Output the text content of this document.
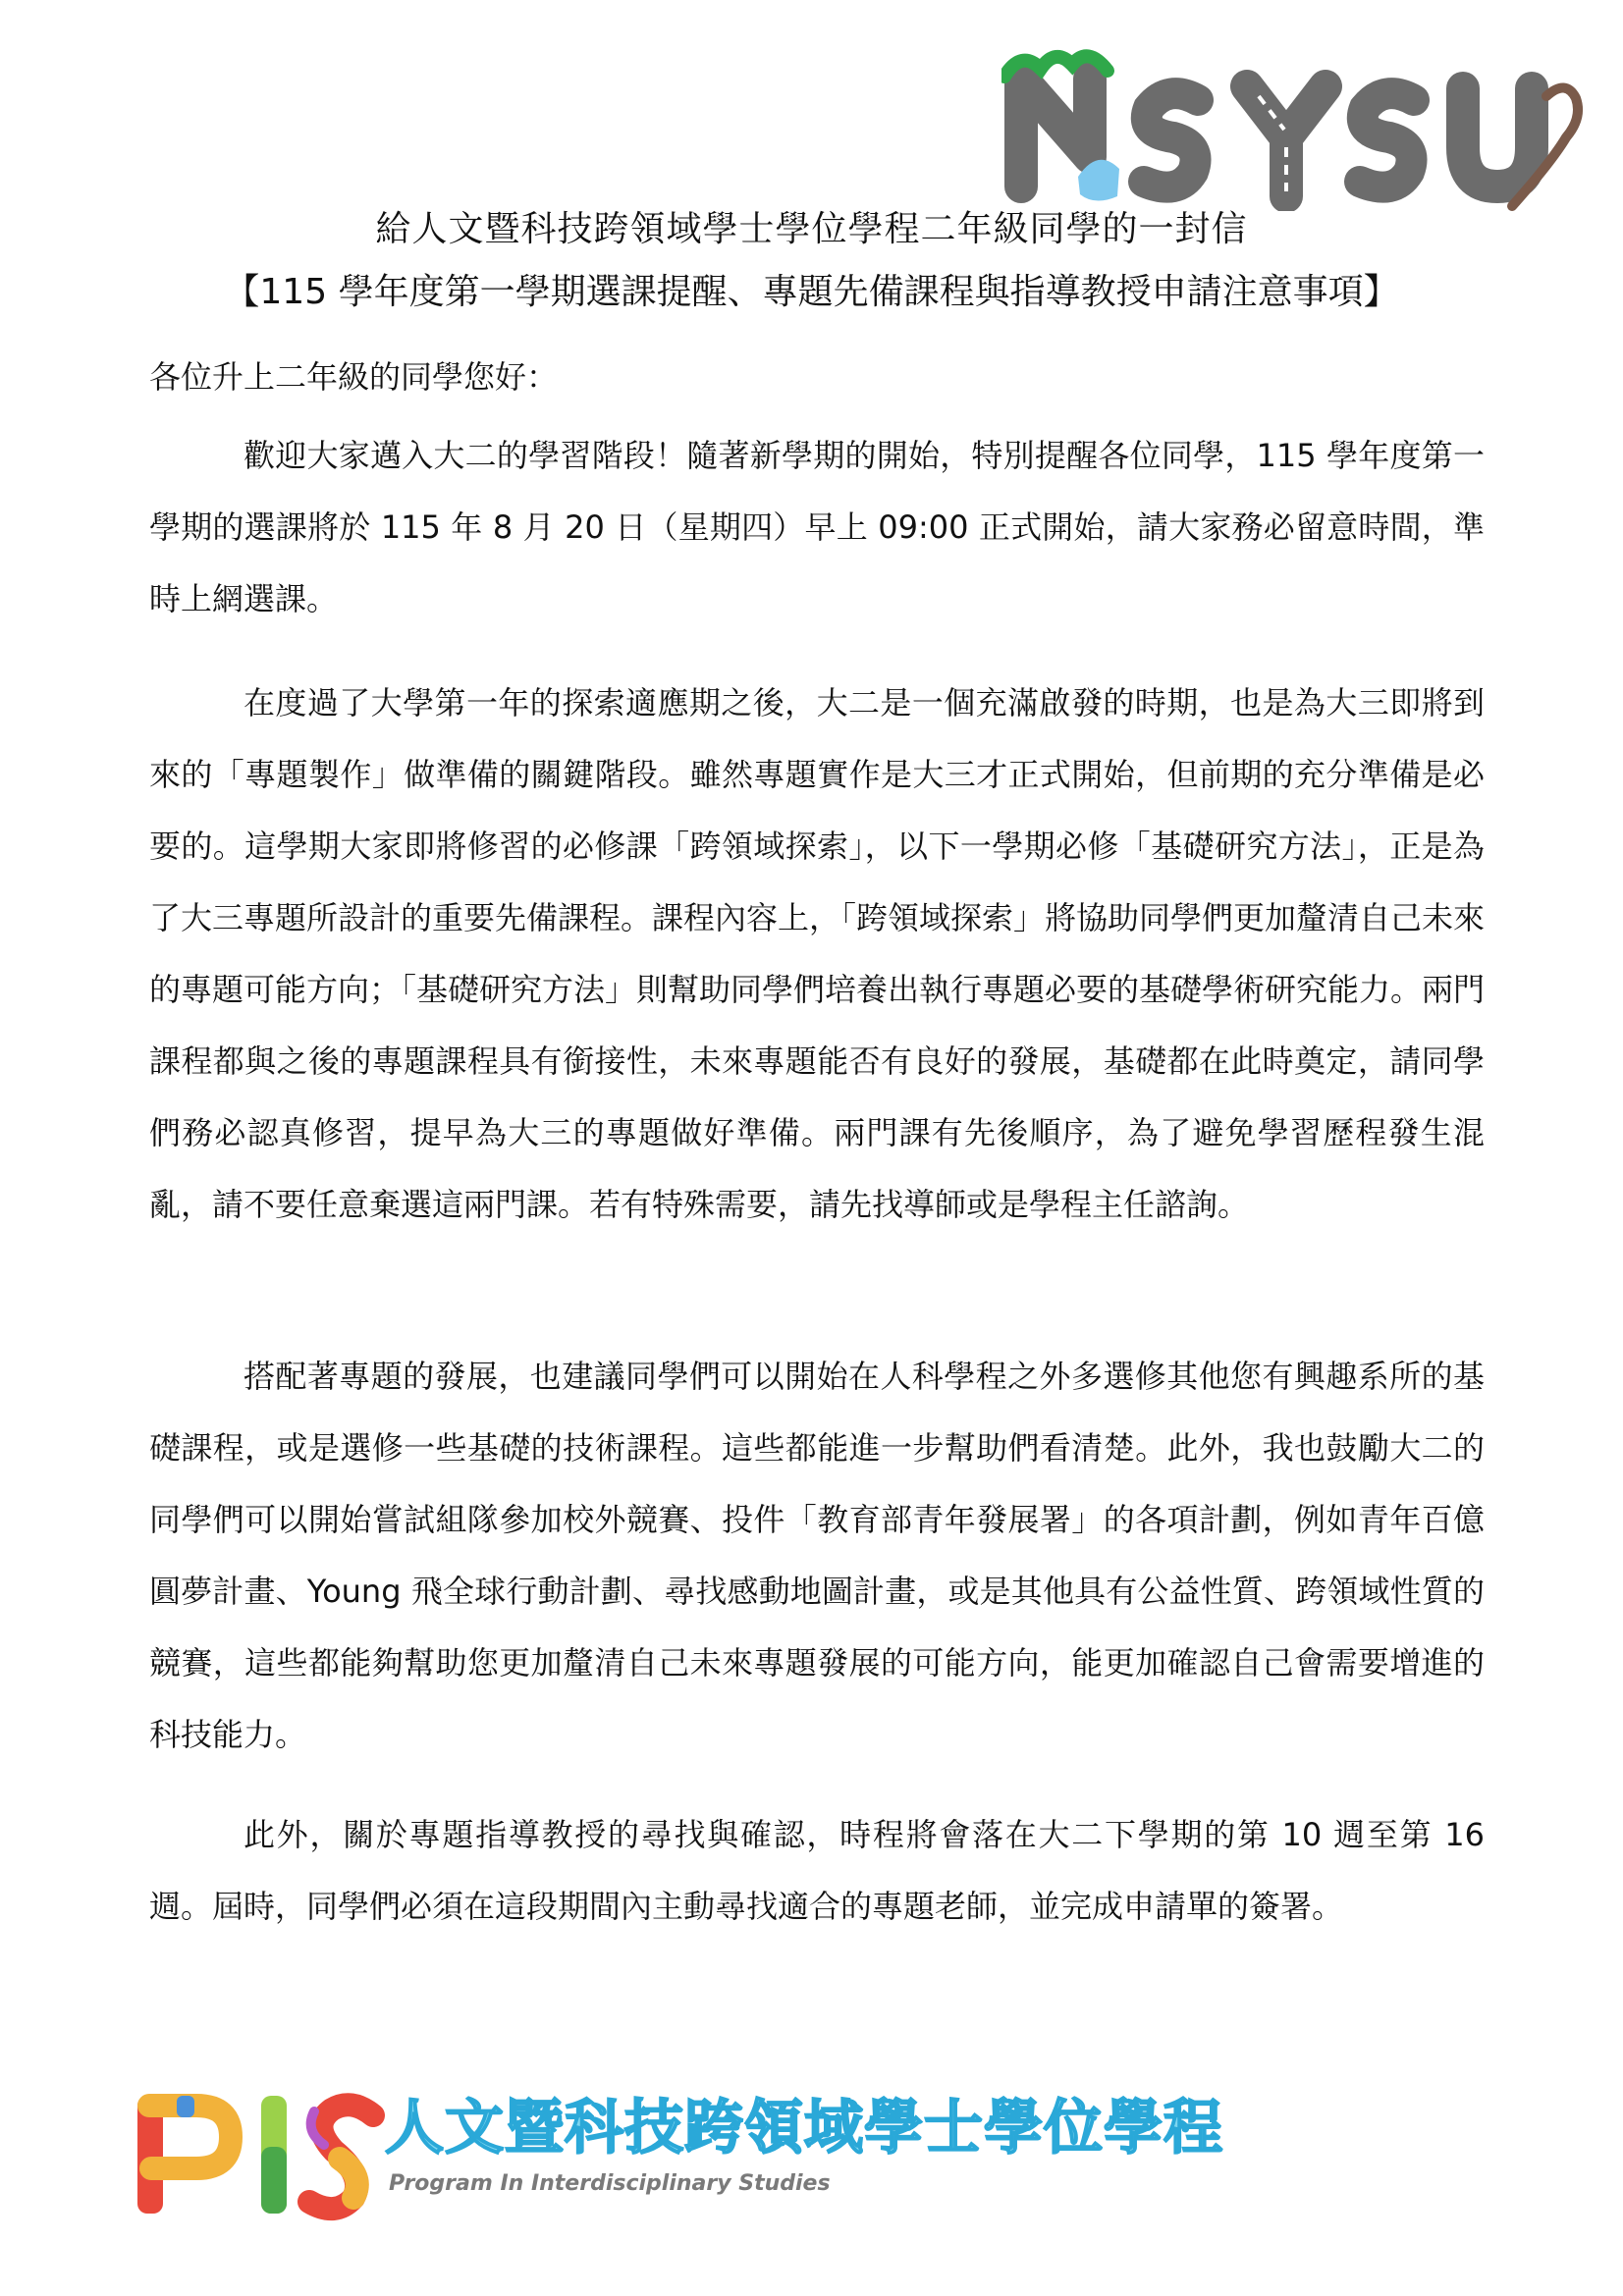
給人文暨科技跨領域學士學位學程二年級同學的一封信
【115 學年度第一學期選課提醒、專題先備課程與指導教授申請注意事項】
各位升上二年級的同學您好：

歡迎大家邁入大二的學習階段！隨著新學期的開始，特別提醒各位同學，115 學年度第一學期的選課將於 115 年 8 月 20 日（星期四）早上 09:00 正式開始，請大家務必留意時間，準時上網選課。

在度過了大學第一年的探索適應期之後，大二是一個充滿啟發的時期，也是為大三即將到來的「專題製作」做準備的關鍵階段。雖然專題實作是大三才正式開始，但前期的充分準備是必要的。這學期大家即將修習的必修課「跨領域探索」，以下一學期必修「基礎研究方法」，正是為了大三專題所設計的重要先備課程。課程內容上，「跨領域探索」將協助同學們更加釐清自己未來的專題可能方向；「基礎研究方法」則幫助同學們培養出執行專題必要的基礎學術研究能力。兩門課程都與之後的專題課程具有銜接性，未來專題能否有良好的發展，基礎都在此時奠定，請同學們務必認真修習，提早為大三的專題做好準備。兩門課有先後順序，為了避免學習歷程發生混亂，請不要任意棄選這兩門課。若有特殊需要，請先找導師或是學程主任諮詢。

搭配著專題的發展，也建議同學們可以開始在人科學程之外多選修其他您有興趣系所的基礎課程，或是選修一些基礎的技術課程。這些都能進一步幫助們看清楚。此外，我也鼓勵大二的同學們可以開始嘗試組隊參加校外競賽、投件「教育部青年發展署」的各項計劃，例如青年百億圓夢計畫、Young 飛全球行動計劃、尋找感動地圖計畫，或是其他具有公益性質、跨領域性質的競賽，這些都能夠幫助您更加釐清自己未來專題發展的可能方向，能更加確認自己會需要增進的科技能力。

此外，關於專題指導教授的尋找與確認，時程將會落在大二下學期的第 10 週至第 16 週。屆時，同學們必須在這段期間內主動尋找適合的專題老師，並完成申請單的簽署。

人文暨科技跨領域學士學位學程
Program In Interdisciplinary Studies
